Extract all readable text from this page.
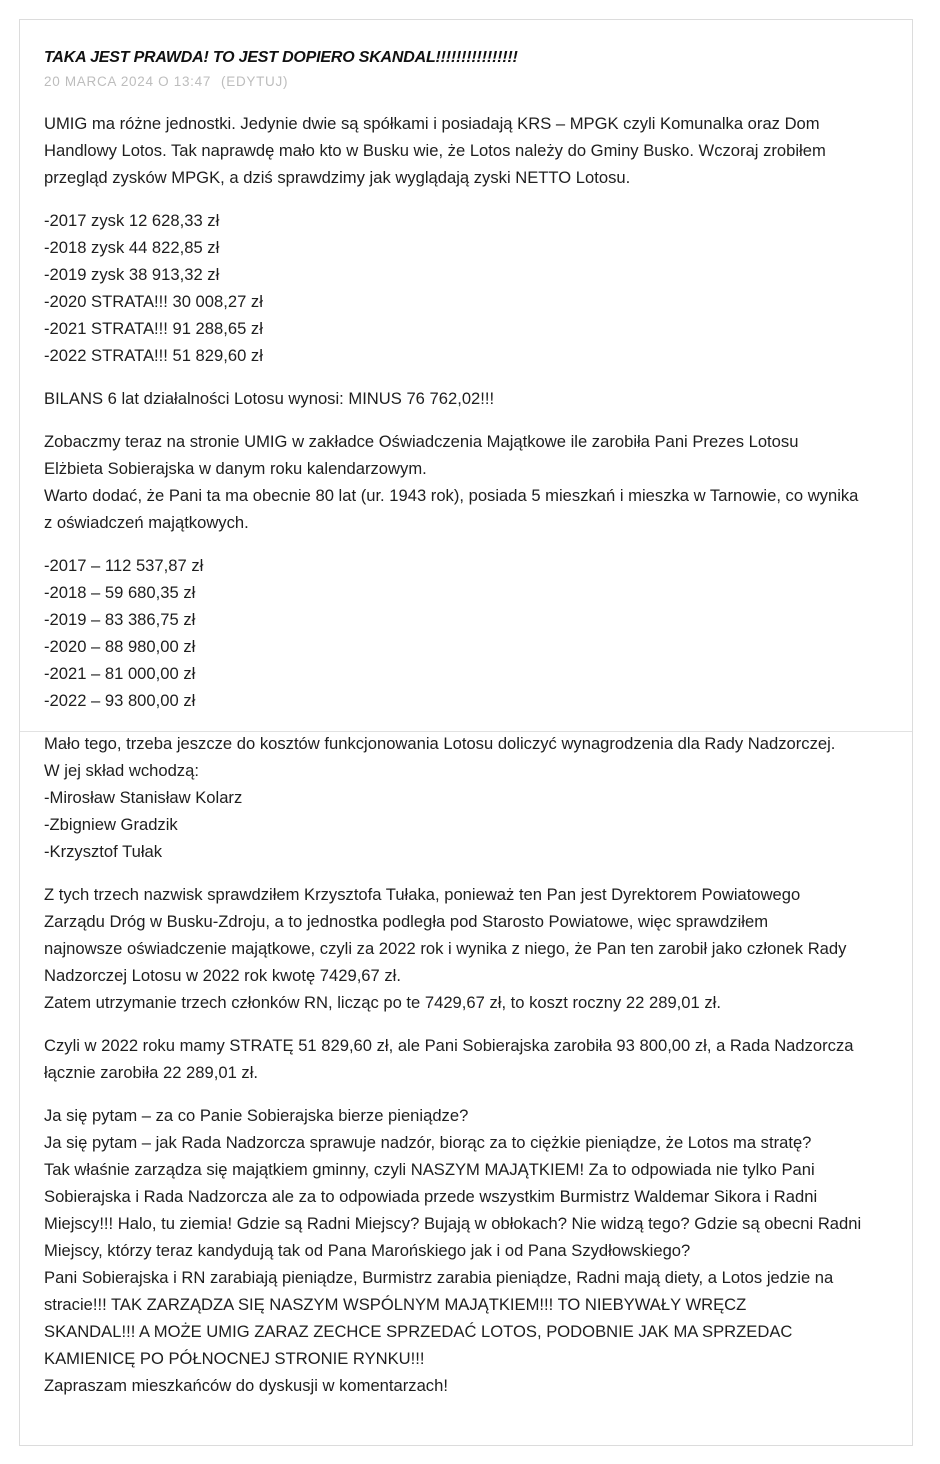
TAKA JEST PRAWDA! TO JEST DOPIERO SKANDAL!!!!!!!!!!!!!!!!
20 MARCA 2024 O 13:47 (EDYTUJ)

UMIG ma różne jednostki. Jedynie dwie są spółkami i posiadają KRS – MPGK czyli Komunalka oraz Dom
Handlowy Lotos. Tak naprawdę mało kto w Busku wie, że Lotos należy do Gminy Busko. Wczoraj zrobiłem
przegląd zysków MPGK, a dziś sprawdzimy jak wyglądają zyski NETTO Lotosu.

-2017 zysk 12 628,33 zł
-2018 zysk 44 822,85 zł
-2019 zysk 38 913,32 zł
-2020 STRATA!!! 30 008,27 zł
-2021 STRATA!!! 91 288,65 zł
-2022 STRATA!!! 51 829,60 zł

BILANS 6 lat działalności Lotosu wynosi: MINUS 76 762,02!!!

Zobaczmy teraz na stronie UMIG w zakładce Oświadczenia Majątkowe ile zarobiła Pani Prezes Lotosu
Elżbieta Sobierajska w danym roku kalendarzowym.
Warto dodać, że Pani ta ma obecnie 80 lat (ur. 1943 rok), posiada 5 mieszkań i mieszka w Tarnowie, co wynika
z oświadczeń majątkowych.

-2017 – 112 537,87 zł
-2018 – 59 680,35 zł
-2019 – 83 386,75 zł
-2020 – 88 980,00 zł
-2021 – 81 000,00 zł
-2022 – 93 800,00 zł

Mało tego, trzeba jeszcze do kosztów funkcjonowania Lotosu doliczyć wynagrodzenia dla Rady Nadzorczej.
W jej skład wchodzą:
-Mirosław Stanisław Kolarz
-Zbigniew Gradzik
-Krzysztof Tułak

Z tych trzech nazwisk sprawdziłem Krzysztofa Tułaka, ponieważ ten Pan jest Dyrektorem Powiatowego
Zarządu Dróg w Busku-Zdroju, a to jednostka podległa pod Starosto Powiatowe, więc sprawdziłem
najnowsze oświadczenie majątkowe, czyli za 2022 rok i wynika z niego, że Pan ten zarobił jako członek Rady
Nadzorczej Lotosu w 2022 rok kwotę 7429,67 zł.
Zatem utrzymanie trzech członków RN, licząc po te 7429,67 zł, to koszt roczny 22 289,01 zł.

Czyli w 2022 roku mamy STRATĘ 51 829,60 zł, ale Pani Sobierajska zarobiła 93 800,00 zł, a Rada Nadzorcza
łącznie zarobiła 22 289,01 zł.

Ja się pytam – za co Panie Sobierajska bierze pieniądze?
Ja się pytam – jak Rada Nadzorcza sprawuje nadzór, biorąc za to ciężkie pieniądze, że Lotos ma stratę?
Tak właśnie zarządza się majątkiem gminny, czyli NASZYM MAJĄTKIEM! Za to odpowiada nie tylko Pani
Sobierajska i Rada Nadzorcza ale za to odpowiada przede wszystkim Burmistrz Waldemar Sikora i Radni
Miejscy!!! Halo, tu ziemia! Gdzie są Radni Miejscy? Bujają w obłokach? Nie widzą tego? Gdzie są obecni Radni
Miejscy, którzy teraz kandydują tak od Pana Marońskiego jak i od Pana Szydłowskiego?
Pani Sobierajska i RN zarabiają pieniądze, Burmistrz zarabia pieniądze, Radni mają diety, a Lotos jedzie na
stracie!!! TAK ZARZĄDZA SIĘ NASZYM WSPÓLNYM MAJĄTKIEM!!! TO NIEBYWAŁY WRĘCZ
SKANDAL!!! A MOŻE UMIG ZARAZ ZECHCE SPRZEDAĆ LOTOS, PODOBNIE JAK MA SPRZEDAC
KAMIENICĘ PO PÓŁNOCNEJ STRONIE RYNKU!!!
Zapraszam mieszkańców do dyskusji w komentarzach!
